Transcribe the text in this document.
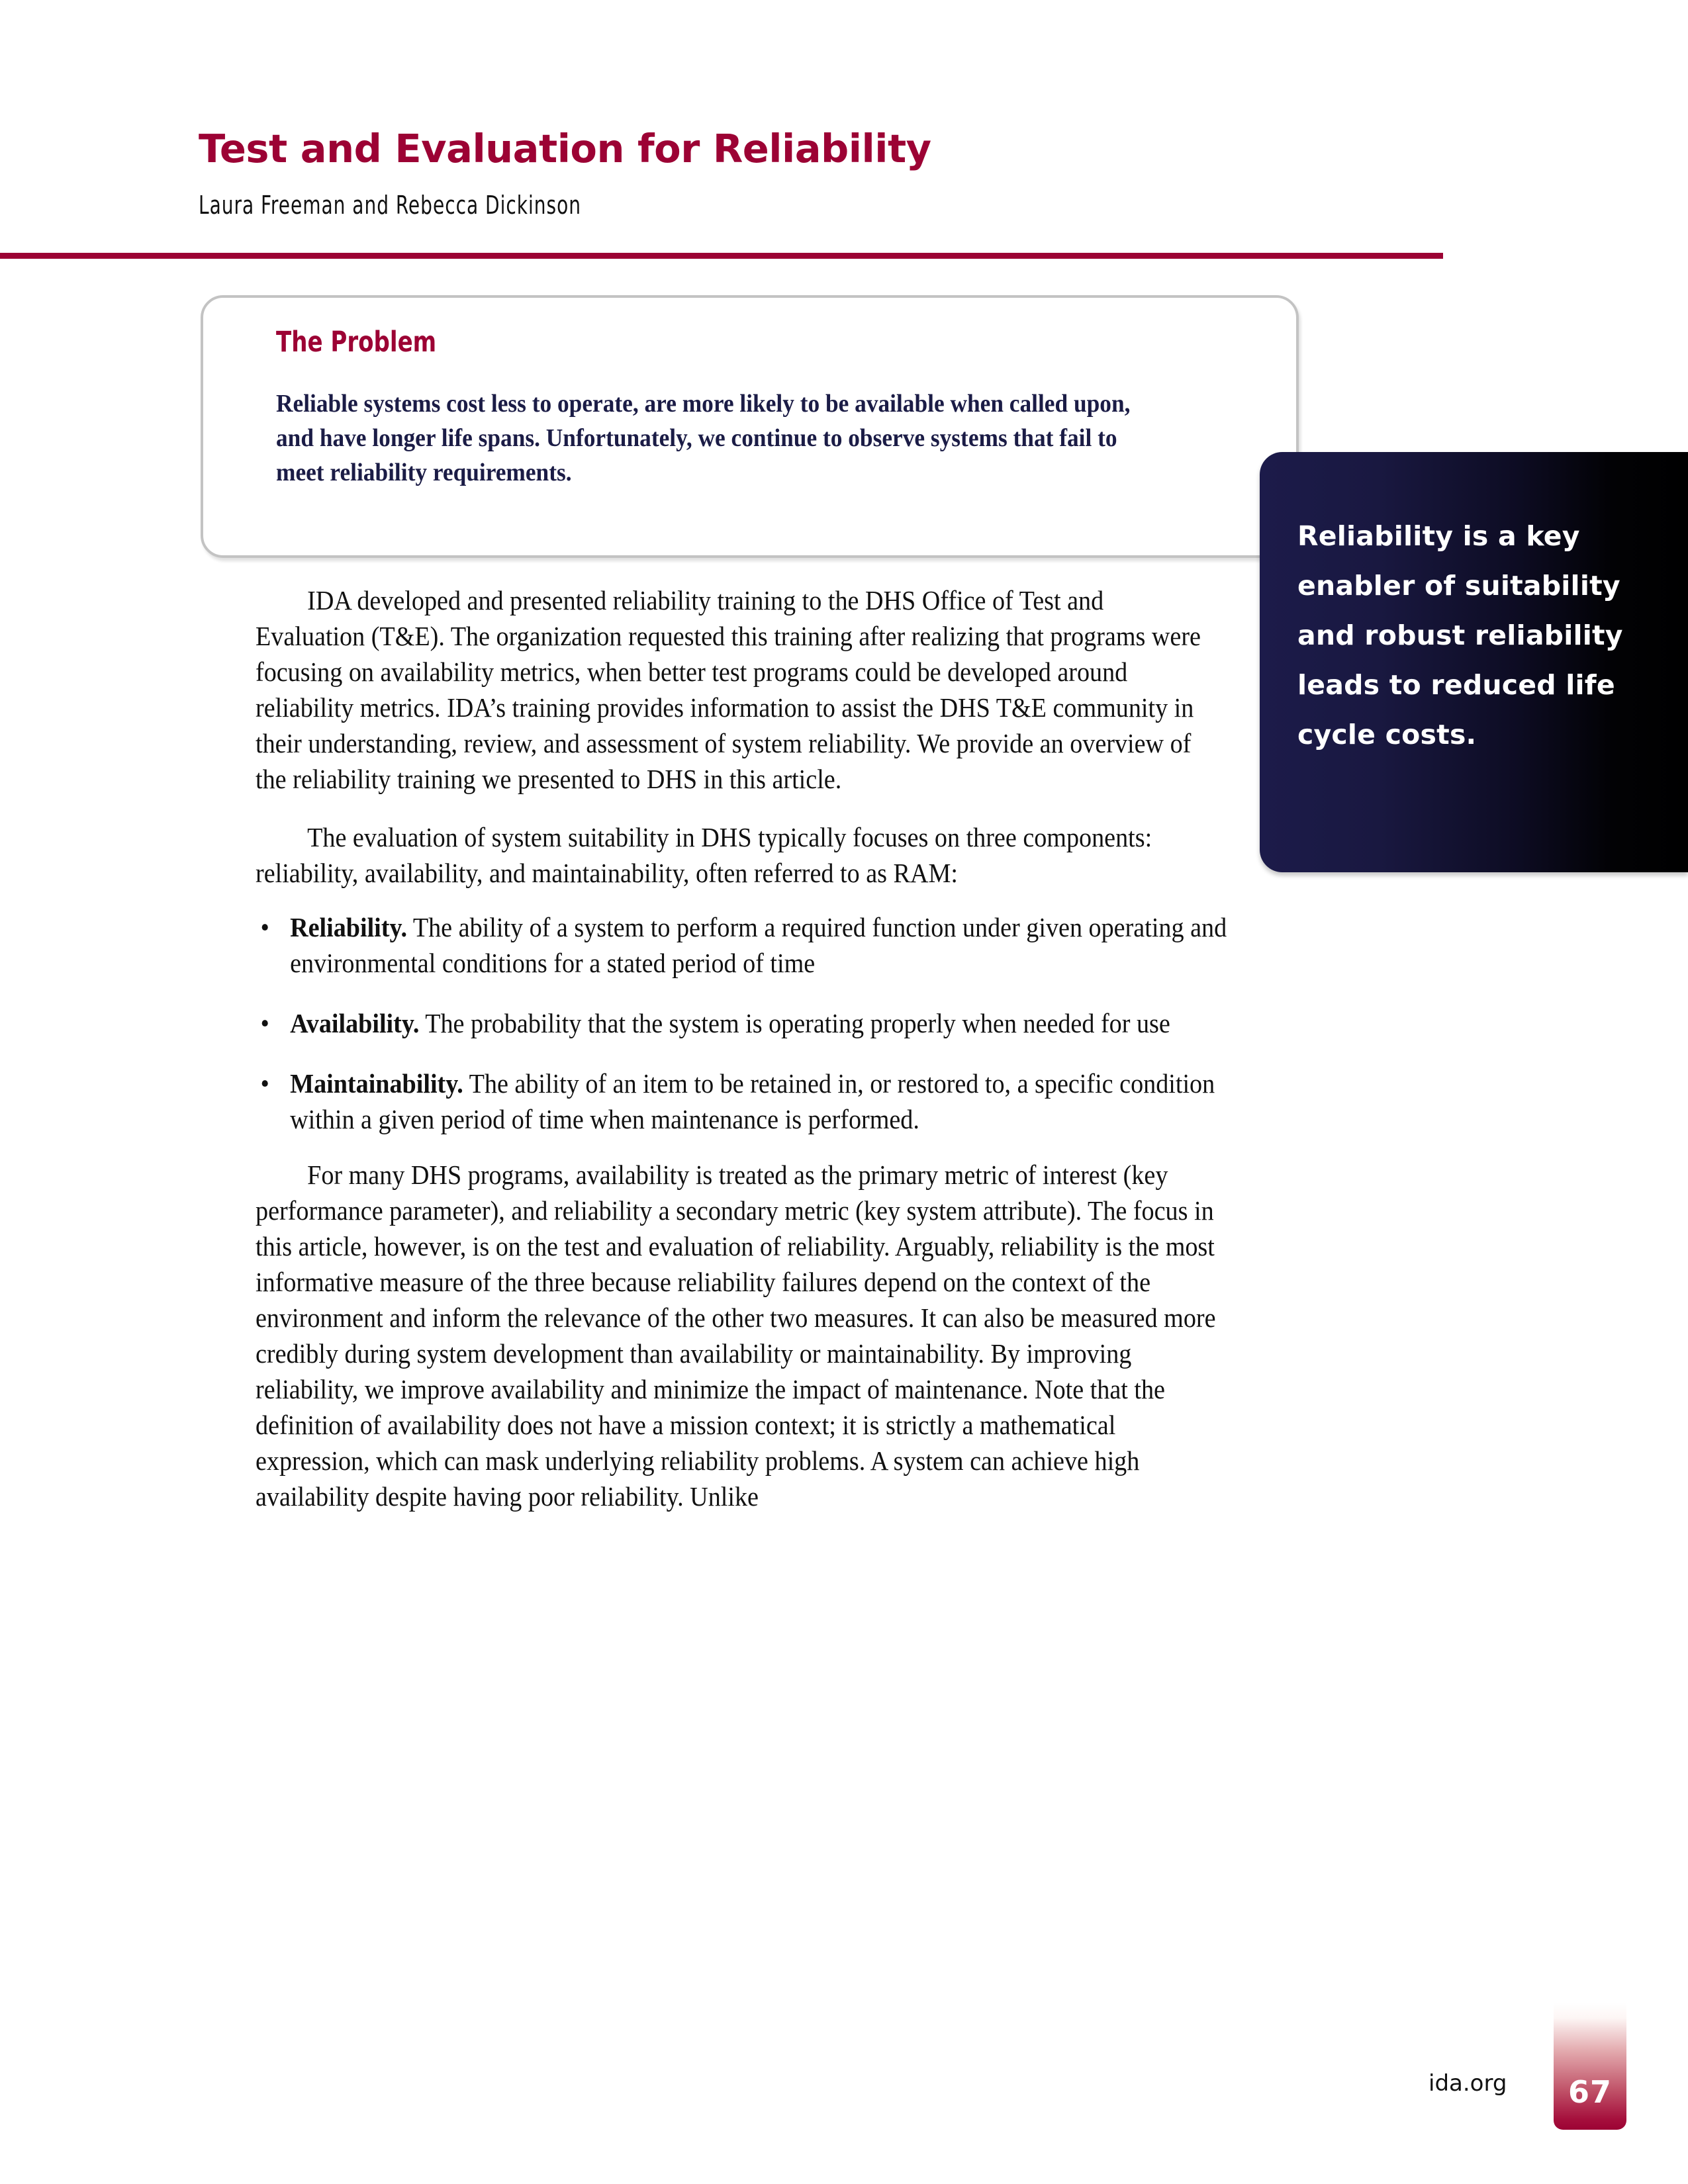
Test and Evaluation for Reliability
Laura Freeman and Rebecca Dickinson
The Problem
Reliable systems cost less to operate, are more likely to be available when called upon, and have longer life spans. Unfortunately, we continue to observe systems that fail to meet reliability requirements.
Reliability is a key enabler of suitability and robust reliability leads to reduced life cycle costs.

IDA developed and presented reliability training to the DHS Office of Test and Evaluation (T&E). The organization requested this training after realizing that programs were focusing on availability metrics, when better test programs could be developed around reliability metrics. IDA’s training provides information to assist the DHS T&E community in their understanding, review, and assessment of system reliability. We provide an overview of the reliability training we presented to DHS in this article.

The evaluation of system suitability in DHS typically focuses on three components: reliability, availability, and maintainability, often referred to as RAM:

• Reliability. The ability of a system to perform a required function under given operating and environmental conditions for a stated period of time
• Availability. The probability that the system is operating properly when needed for use
• Maintainability. The ability of an item to be retained in, or restored to, a specific condition within a given period of time when maintenance is performed.

For many DHS programs, availability is treated as the primary metric of interest (key performance parameter), and reliability a secondary metric (key system attribute). The focus in this article, however, is on the test and evaluation of reliability. Arguably, reliability is the most informative measure of the three because reliability failures depend on the context of the environment and inform the relevance of the other two measures. It can also be measured more credibly during system development than availability or maintainability. By improving reliability, we improve availability and minimize the impact of maintenance. Note that the definition of availability does not have a mission context; it is strictly a mathematical expression, which can mask underlying reliability problems. A system can achieve high availability despite having poor reliability. Unlike

ida.org	67
